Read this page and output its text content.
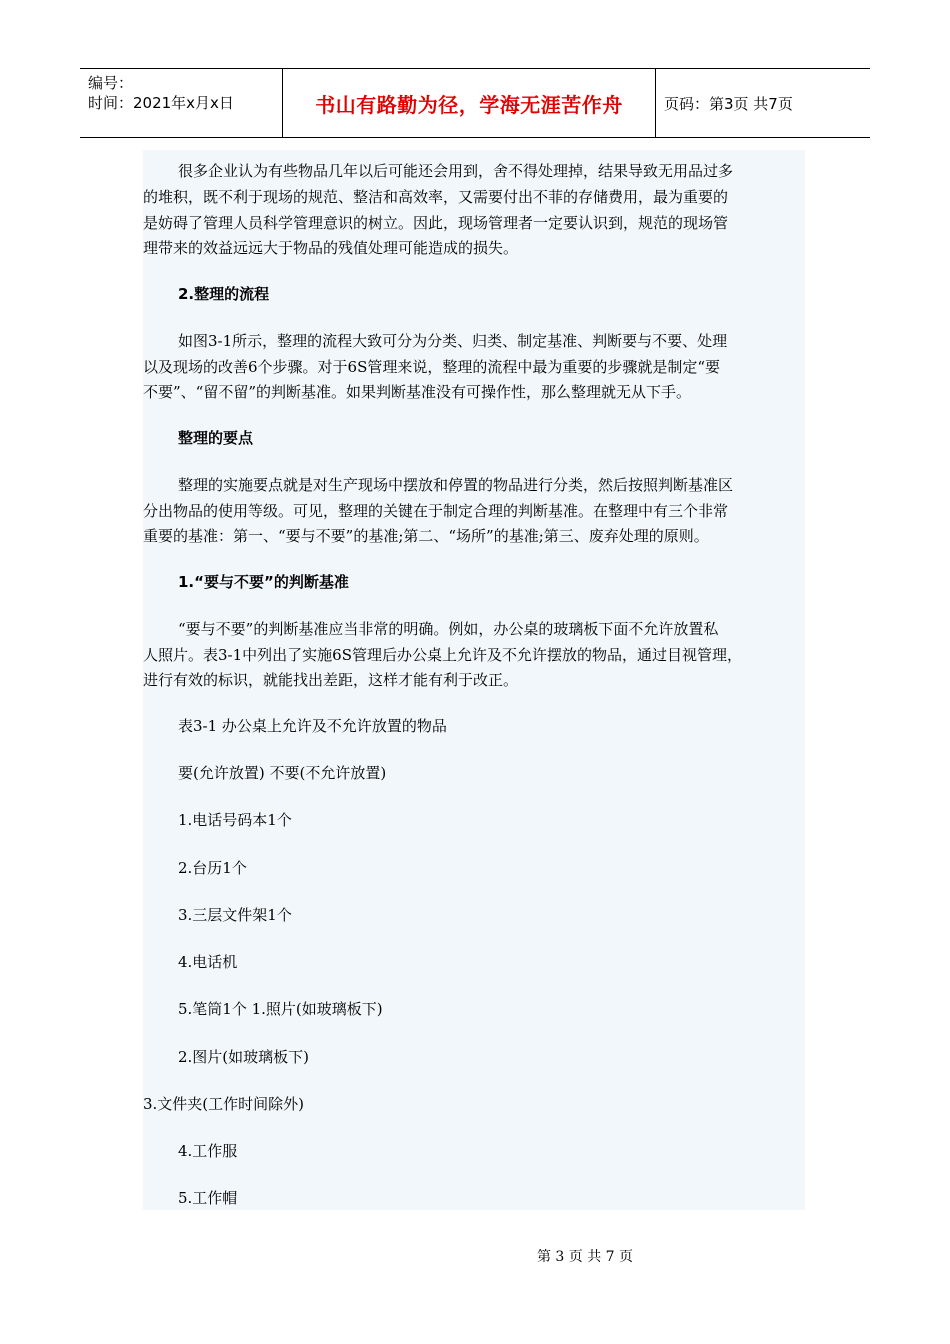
编号：
时间：2021年x月x日	书山有路勤为径，学海无涯苦作舟	页码：第3页 共7页
很多企业认为有些物品几年以后可能还会用到，舍不得处理掉，结果导致无用品过多
的堆积，既不利于现场的规范、整洁和高效率，又需要付出不菲的存储费用，最为重要的
是妨碍了管理人员科学管理意识的树立。因此，现场管理者一定要认识到，规范的现场管
理带来的效益远远大于物品的残值处理可能造成的损失。
2.整理的流程
如图3-1所示，整理的流程大致可分为分类、归类、制定基准、判断要与不要、处理
以及现场的改善6个步骤。对于6S管理来说，整理的流程中最为重要的步骤就是制定“要
不要”、“留不留”的判断基准。如果判断基准没有可操作性，那么整理就无从下手。
整理的要点
整理的实施要点就是对生产现场中摆放和停置的物品进行分类，然后按照判断基准区
分出物品的使用等级。可见，整理的关键在于制定合理的判断基准。在整理中有三个非常
重要的基准：第一、“要与不要”的基准;第二、“场所”的基准;第三、废弃处理的原则。
1.“要与不要”的判断基准
“要与不要”的判断基准应当非常的明确。例如，办公桌的玻璃板下面不允许放置私
人照片。表3-1中列出了实施6S管理后办公桌上允许及不允许摆放的物品，通过目视管理，
进行有效的标识，就能找出差距，这样才能有利于改正。
表3-1 办公桌上允许及不允许放置的物品
要(允许放置) 不要(不允许放置)
1.电话号码本1个
2.台历1个
3.三层文件架1个
4.电话机
5.笔筒1个 1.照片(如玻璃板下)
2.图片(如玻璃板下)
3.文件夹(工作时间除外)
4.工作服
5.工作帽
第 3 页 共 7 页
